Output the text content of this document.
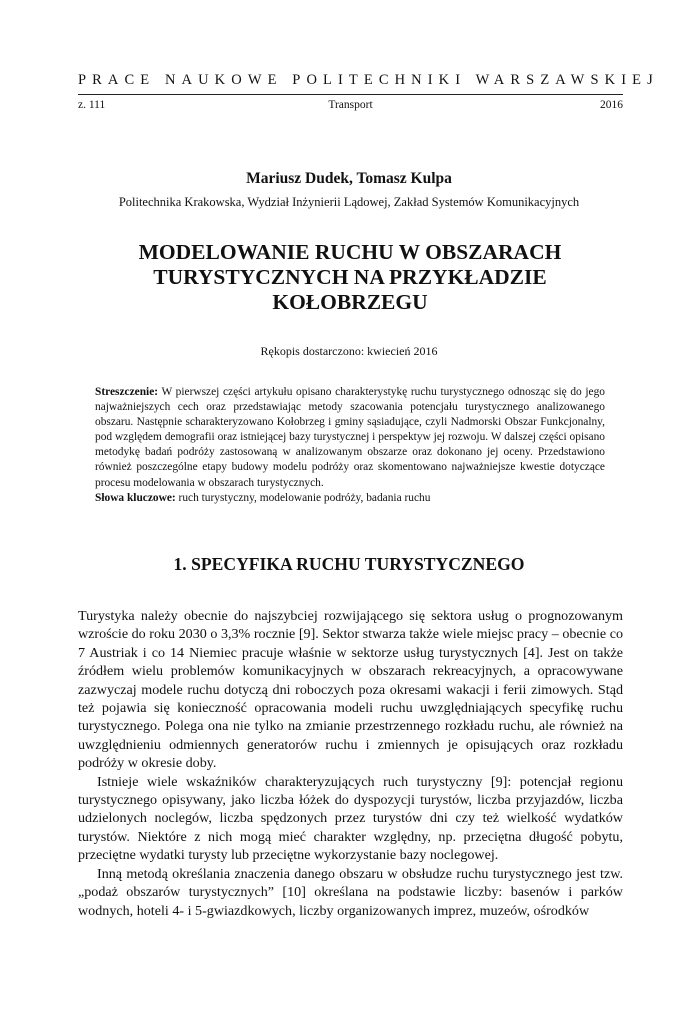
PRACE NAUKOWE POLITECHNIKI WARSZAWSKIEJ
z. 111	Transport	2016
Mariusz Dudek, Tomasz Kulpa
Politechnika Krakowska, Wydział Inżynierii Lądowej, Zakład Systemów Komunikacyjnych
MODELOWANIE RUCHU W OBSZARACH TURYSTYCZNYCH NA PRZYKŁADZIE KOŁOBRZEGU
Rękopis dostarczono: kwiecień 2016

Streszczenie: W pierwszej części artykułu opisano charakterystykę ruchu turystycznego odnosząc się do jego najważniejszych cech oraz przedstawiając metody szacowania potencjału turystycznego analizowanego obszaru. Następnie scharakteryzowano Kołobrzeg i gminy sąsiadujące, czyli Nadmorski Obszar Funkcjonalny, pod względem demografii oraz istniejącej bazy turystycznej i perspektyw jej rozwoju. W dalszej części opisano metodykę badań podróży zastosowaną w analizowanym obszarze oraz dokonano jej oceny. Przedstawiono również poszczególne etapy budowy modelu podróży oraz skomentowano najważniejsze kwestie dotyczące procesu modelowania w obszarach turystycznych.

Słowa kluczowe: ruch turystyczny, modelowanie podróży, badania ruchu

1. SPECYFIKA RUCHU TURYSTYCZNEGO

Turystyka należy obecnie do najszybciej rozwijającego się sektora usług o prognozowanym wzroście do roku 2030 o 3,3% rocznie [9]. Sektor stwarza także wiele miejsc pracy – obecnie co 7 Austriak i co 14 Niemiec pracuje właśnie w sektorze usług turystycznych [4]. Jest on także źródłem wielu problemów komunikacyjnych w obszarach rekreacyjnych, a opracowywane zazwyczaj modele ruchu dotyczą dni roboczych poza okresami wakacji i ferii zimowych. Stąd też pojawia się konieczność opracowania modeli ruchu uwzględniających specyfikę ruchu turystycznego. Polega ona nie tylko na zmianie przestrzennego rozkładu ruchu, ale również na uwzględnieniu odmiennych generatorów ruchu i zmiennych je opisujących oraz rozkładu podróży w okresie doby.

Istnieje wiele wskaźników charakteryzujących ruch turystyczny [9]: potencjał regionu turystycznego opisywany, jako liczba łóżek do dyspozycji turystów, liczba przyjazdów, liczba udzielonych noclegów, liczba spędzonych przez turystów dni czy też wielkość wydatków turystów. Niektóre z nich mogą mieć charakter względny, np. przeciętna długość pobytu, przeciętne wydatki turysty lub przeciętne wykorzystanie bazy noclegowej.

Inną metodą określania znaczenia danego obszaru w obsłudze ruchu turystycznego jest tzw. „podaż obszarów turystycznych” [10] określana na podstawie liczby: basenów i parków wodnych, hoteli 4- i 5-gwiazdkowych, liczby organizowanych imprez, muzeów, ośrodków
